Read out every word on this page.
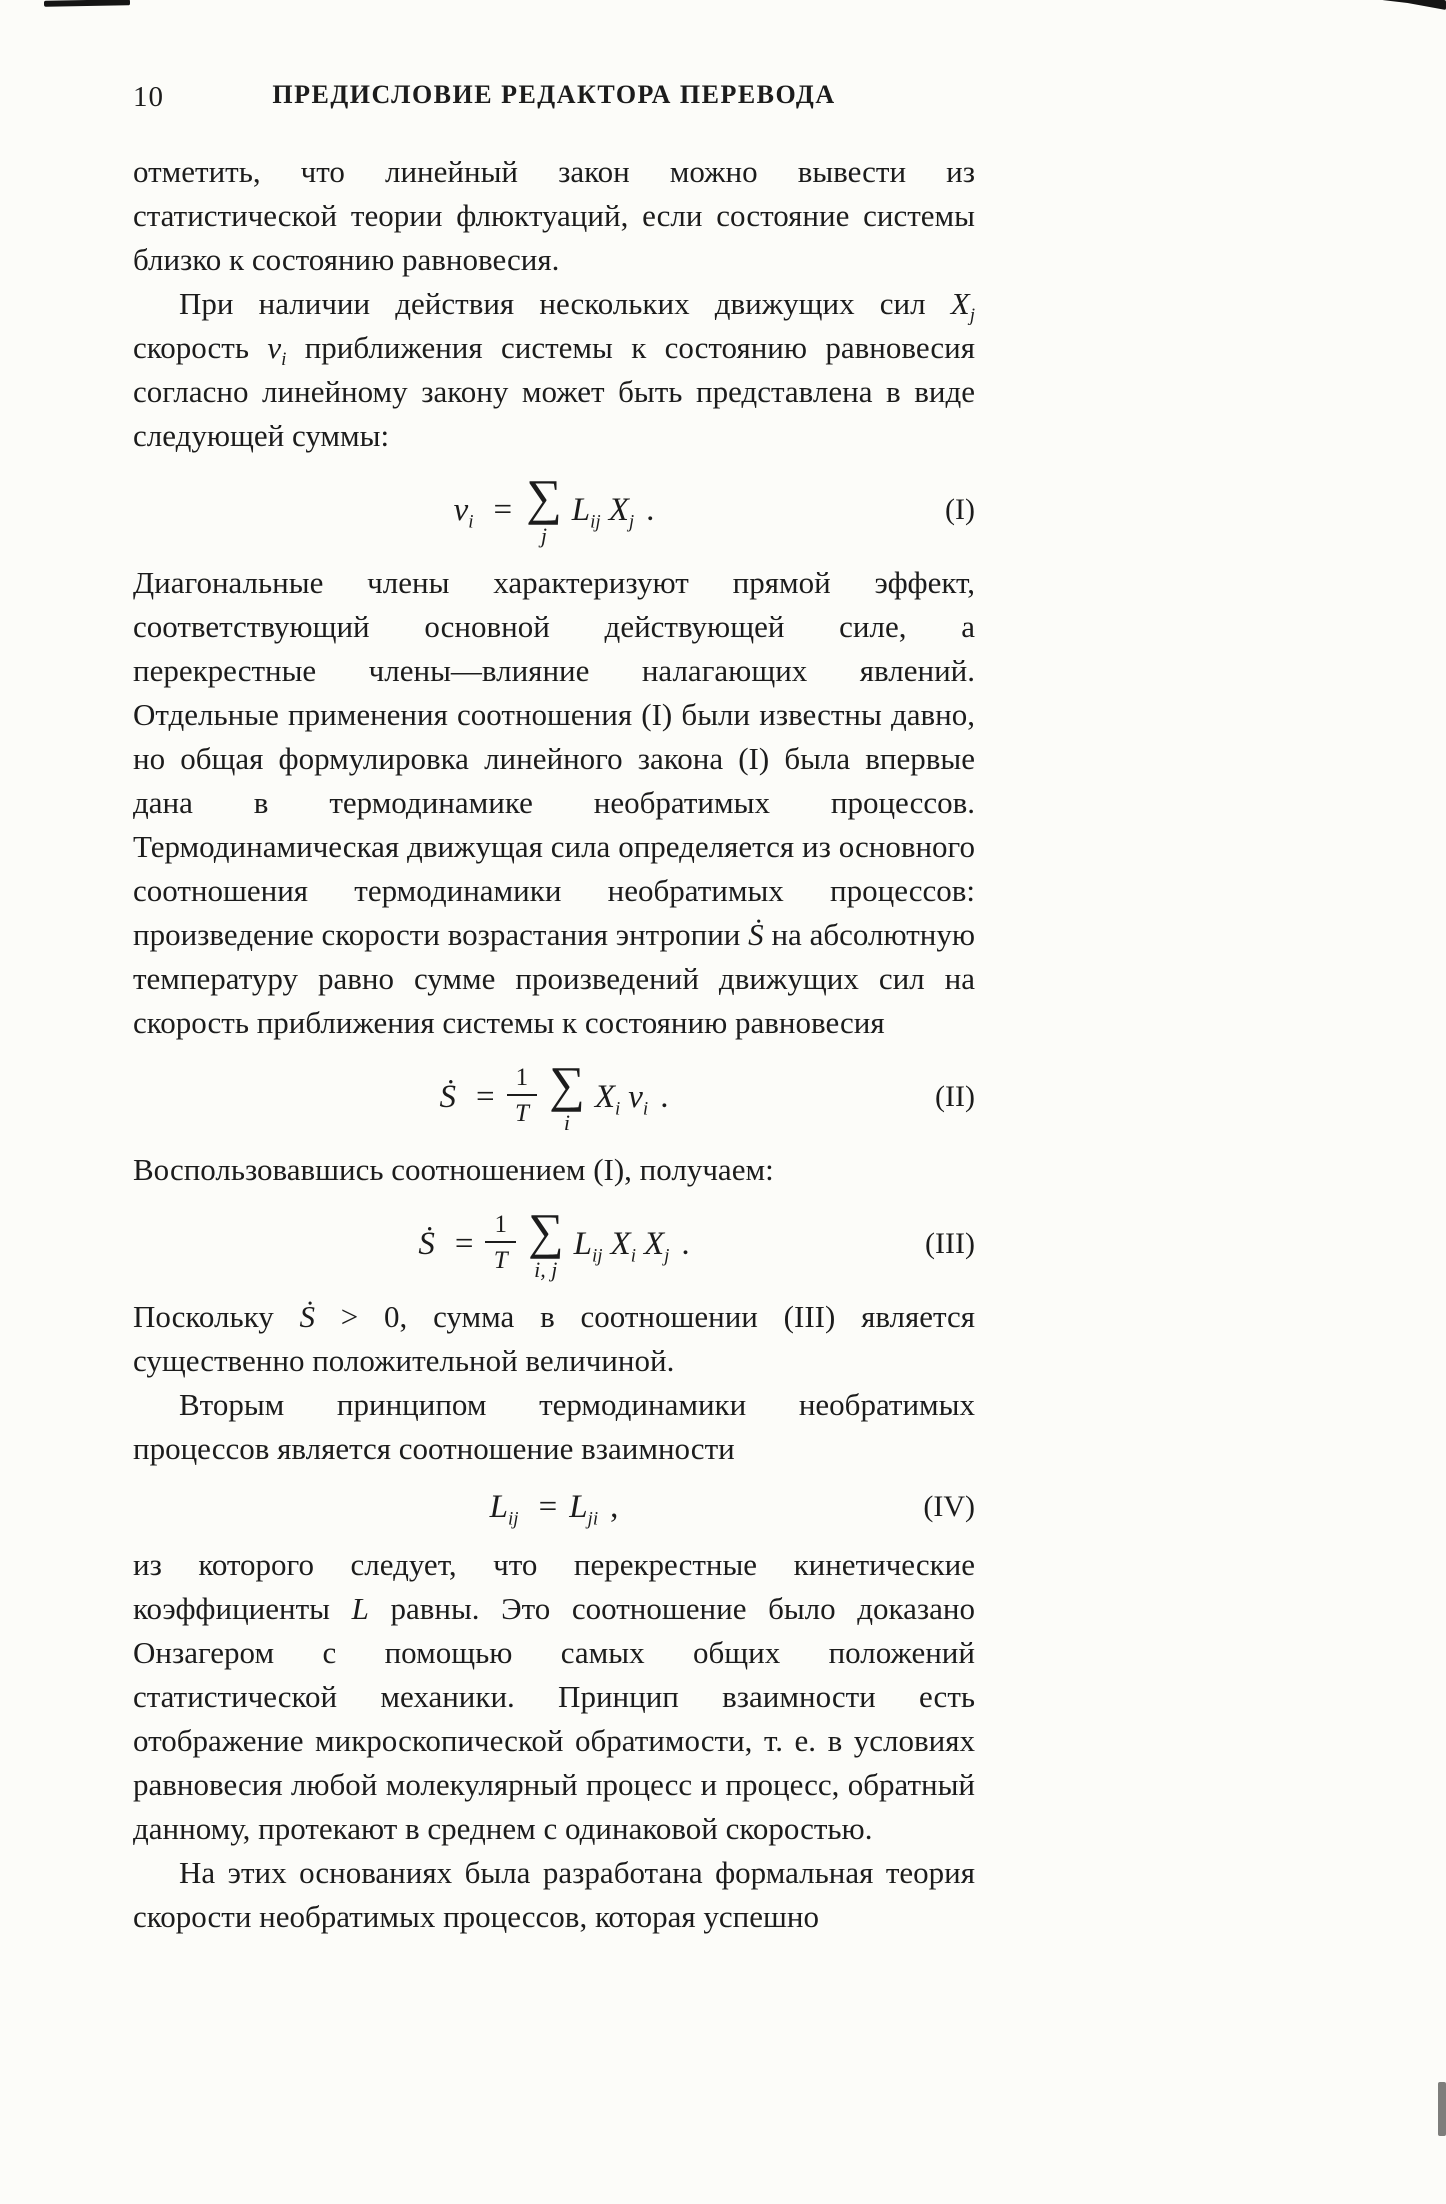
10	ПРЕДИСЛОВИЕ РЕДАКТОРА ПЕРЕВОДА

отметить, что линейный закон можно вывести из статистической теории флюктуаций, если состояние системы близко к состоянию равновесия.

При наличии действия нескольких движущих сил $X_j$ скорость $v_i$ приближения системы к состоянию равновесия согласно линейному закону может быть представлена в виде следующей суммы:

$v_i$ = ∑
j
$L_{ij}$ $X_j$ .	(I)

Диагональные члены характеризуют прямой эффект, соответствующий основной действующей силе, а перекрестные члены—влияние налагающих явлений. Отдельные применения соотношения (I) были известны давно, но общая формулировка линейного закона (I) была впервые дана в термодинамике необратимых процессов. Термодинамическая движущая сила определяется из основного соотношения термодинамики необратимых процессов: произведение скорости возрастания энтропии Ṡ на абсолютную температуру равно сумме произведений движущих сил на скорость приближения системы к состоянию равновесия

Ṡ = $\frac{1}{T}$ ∑
i
$X_i$ $v_i$ .	(II)

Воспользовавшись соотношением (I), получаем:

Ṡ = $\frac{1}{T}$ ∑
i, j
$L_{ij}$ $X_i$ $X_j$ .	(III)

Поскольку Ṡ > 0, сумма в соотношении (III) является существенно положительной величиной.

Вторым принципом термодинамики необратимых процессов является соотношение взаимности

$L_{ij} = L_{ji}$ ,	(IV)

из которого следует, что перекрестные кинетические коэффициенты L равны. Это соотношение было доказано Онзагером с помощью самых общих положений статистической механики. Принцип взаимности есть отображение микроскопической обратимости, т. е. в условиях равновесия любой молекулярный процесс и процесс, обратный данному, протекают в среднем с одинаковой скоростью.

На этих основаниях была разработана формальная теория скорости необратимых процессов, которая успешно
